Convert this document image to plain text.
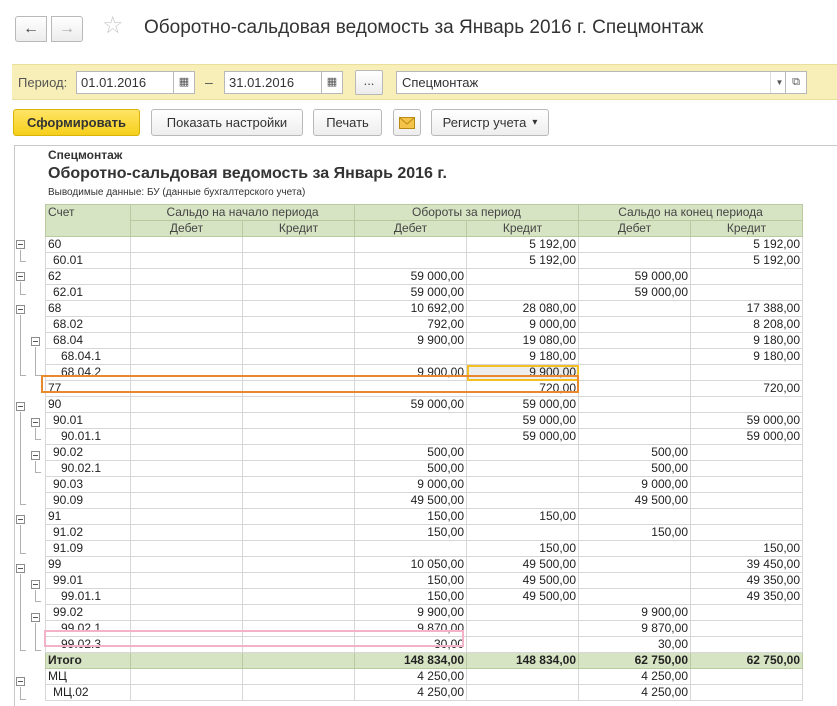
← → ☆ Оборотно-сальдовая ведомость за Январь 2016 г. Спецмонтаж
Период:	01.01.2016	▦	–	31.01.2016	▦	...	Спецмонтаж	▼ ⧉
Сформировать	Показать настройки	Печать	Регистр учета ▾
Спецмонтаж
Оборотно-сальдовая ведомость за Январь 2016 г.
Выводимые данные: БУ (данные бухгалтерского учета)
Счет	Сальдо на начало периода		Обороты за период		Сальдо на конец периода	
	Дебет	Кредит	Дебет	Кредит	Дебет	Кредит
60				5 192,00		5 192,00
60.01				5 192,00		5 192,00
62			59 000,00		59 000,00	
62.01			59 000,00		59 000,00	
68			10 692,00	28 080,00		17 388,00
68.02			792,00	9 000,00		8 208,00
68.04			9 900,00	19 080,00		9 180,00
68.04.1				9 180,00		9 180,00
68.04.2			9 900,00	9 900,00		
77				720,00		720,00
90			59 000,00	59 000,00		
90.01				59 000,00		59 000,00
90.01.1				59 000,00		59 000,00
90.02			500,00		500,00	
90.02.1			500,00		500,00	
90.03			9 000,00		9 000,00	
90.09			49 500,00		49 500,00	
91			150,00	150,00		
91.02			150,00		150,00	
91.09				150,00		150,00
99			10 050,00	49 500,00		39 450,00
99.01			150,00	49 500,00		49 350,00
99.01.1			150,00	49 500,00		49 350,00
99.02			9 900,00		9 900,00	
99.02.1			9 870,00		9 870,00	
99.02.3			30,00		30,00	
Итого			148 834,00	148 834,00	62 750,00	62 750,00
МЦ			4 250,00		4 250,00	
МЦ.02			4 250,00		4 250,00	
